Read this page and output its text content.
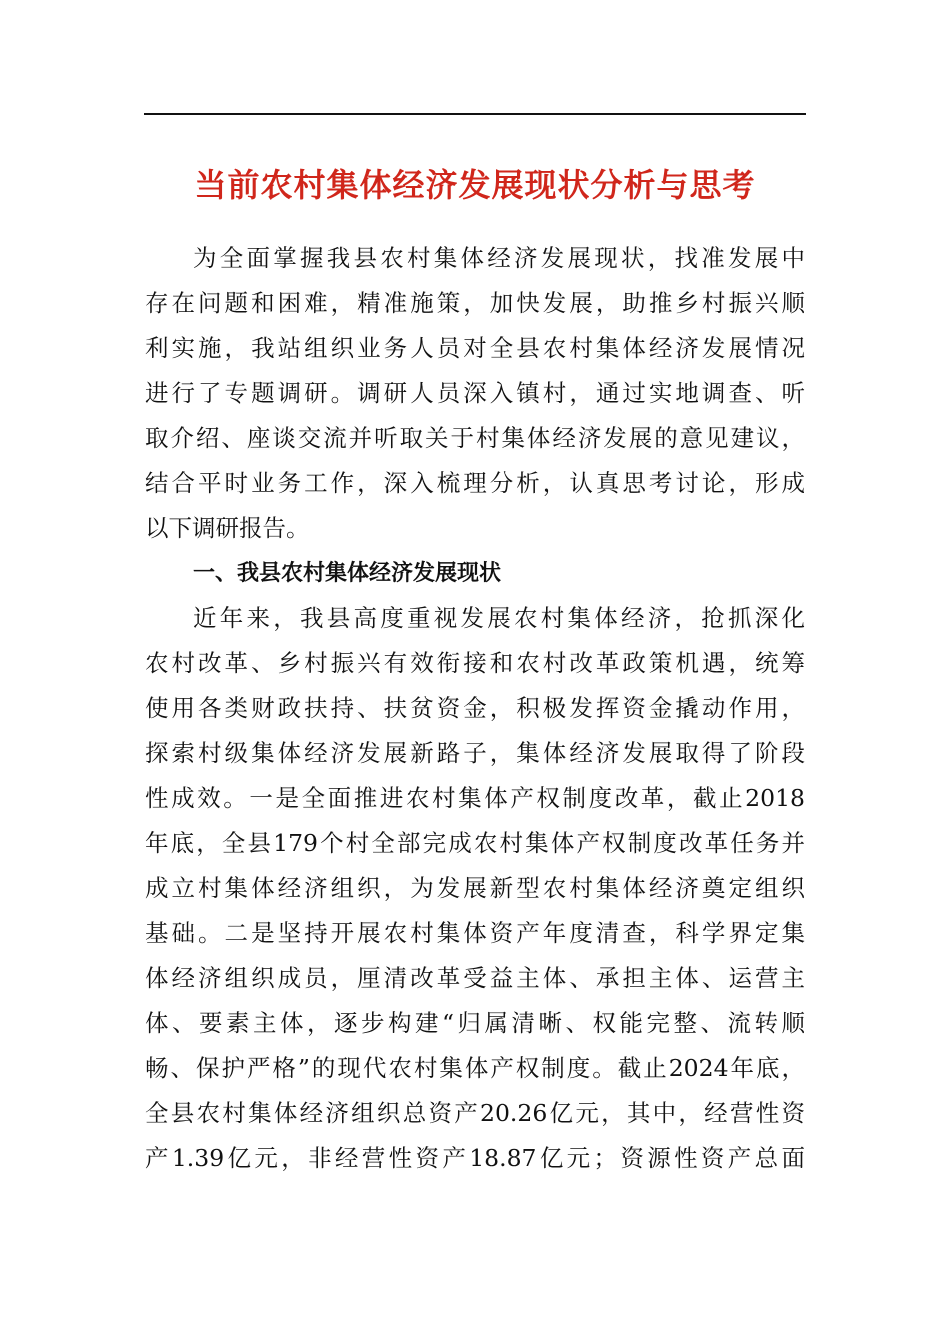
当前农村集体经济发展现状分析与思考
为全面掌握我县农村集体经济发展现状，找准发展中
存在问题和困难，精准施策，加快发展，助推乡村振兴顺
利实施，我站组织业务人员对全县农村集体经济发展情况
进行了专题调研。调研人员深入镇村，通过实地调查、听
取介绍、座谈交流并听取关于村集体经济发展的意见建议，
结合平时业务工作，深入梳理分析，认真思考讨论，形成
以下调研报告。
一、我县农村集体经济发展现状
近年来，我县高度重视发展农村集体经济，抢抓深化
农村改革、乡村振兴有效衔接和农村改革政策机遇，统筹
使用各类财政扶持、扶贫资金，积极发挥资金撬动作用，
探索村级集体经济发展新路子，集体经济发展取得了阶段
性成效。一是全面推进农村集体产权制度改革，截止2018
年底，全县179个村全部完成农村集体产权制度改革任务并
成立村集体经济组织，为发展新型农村集体经济奠定组织
基础。二是坚持开展农村集体资产年度清查，科学界定集
体经济组织成员，厘清改革受益主体、承担主体、运营主
体、要素主体，逐步构建“归属清晰、权能完整、流转顺
畅、保护严格”的现代农村集体产权制度。截止2024年底，
全县农村集体经济组织总资产20.26亿元，其中，经营性资
产1.39亿元，非经营性资产18.87亿元；资源性资产总面
